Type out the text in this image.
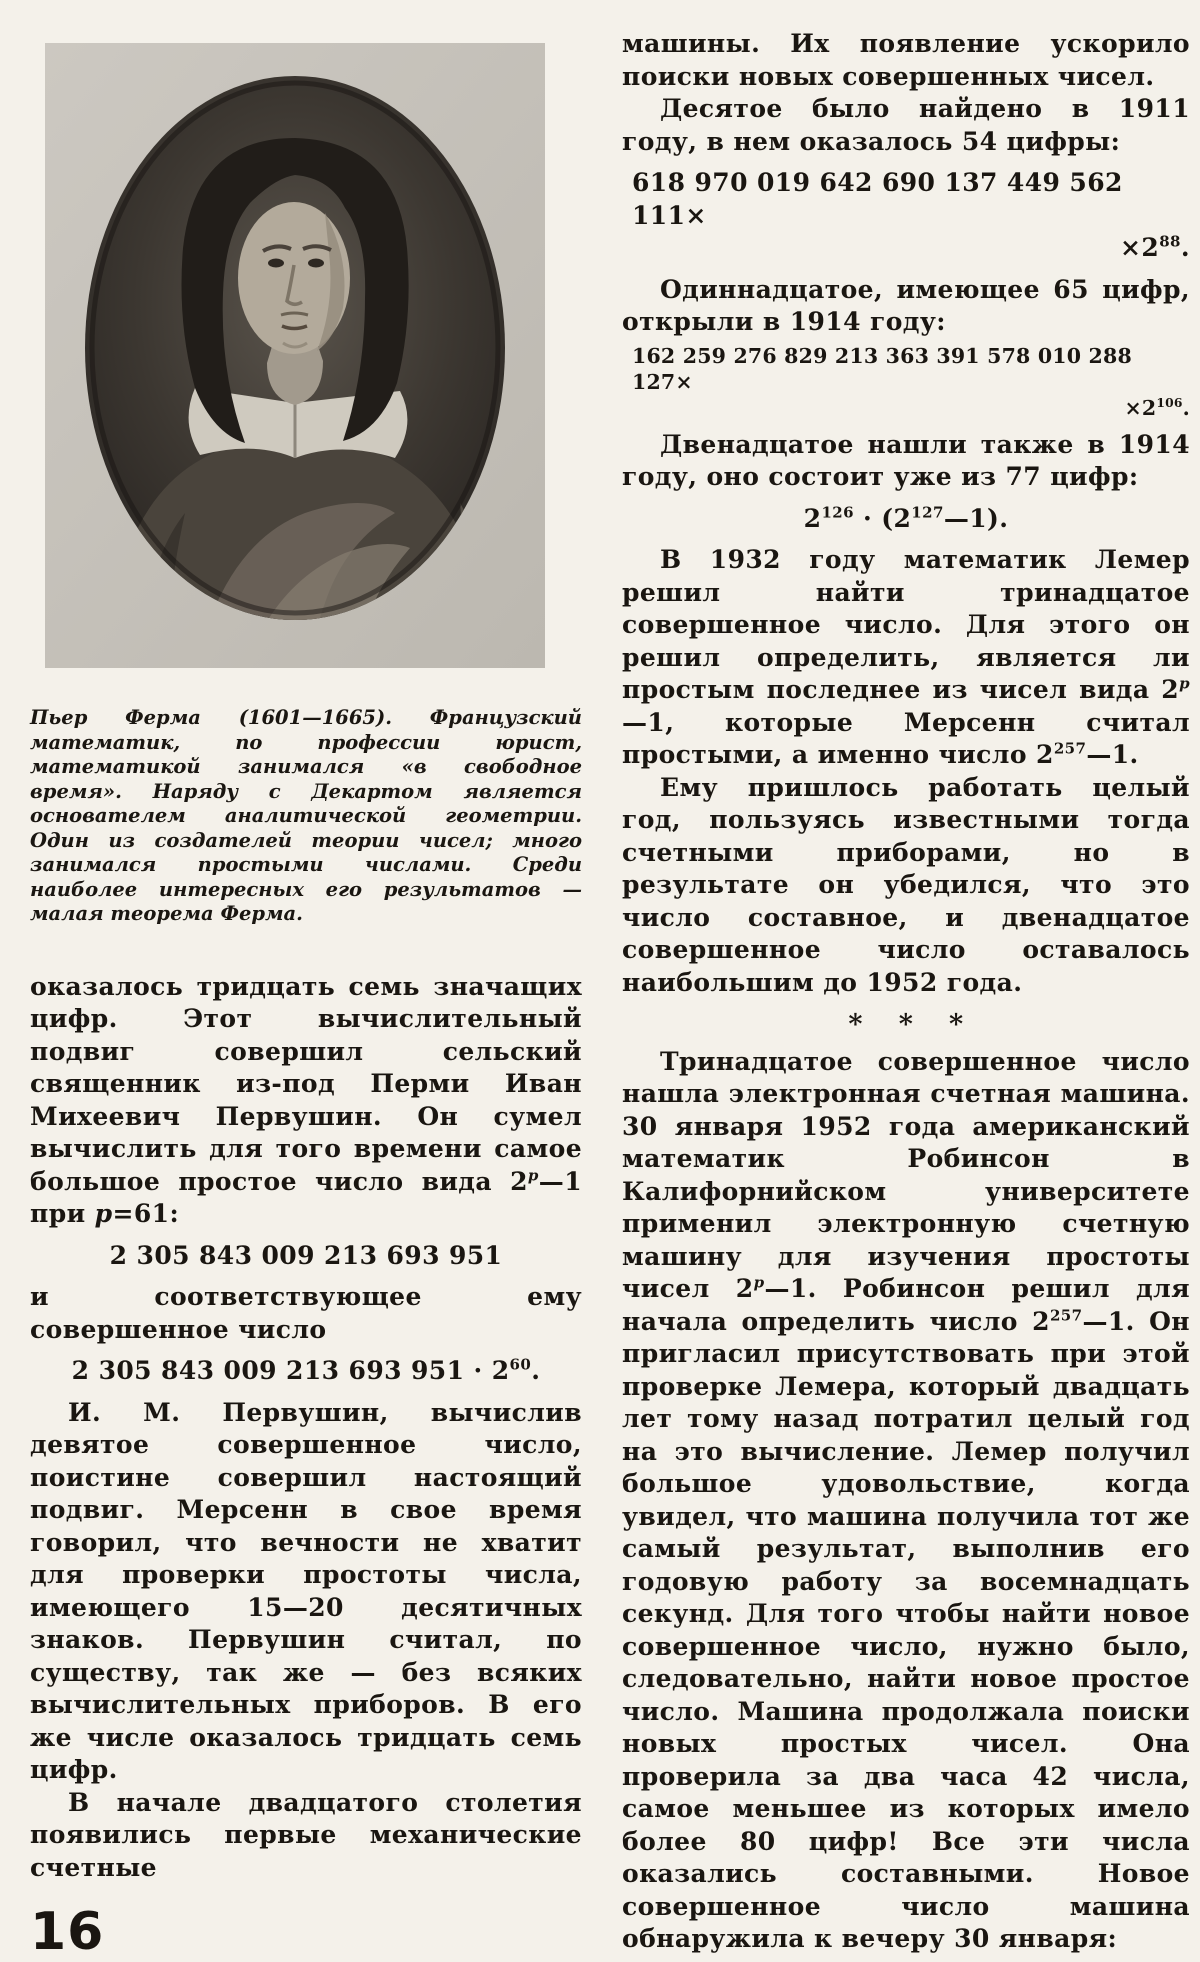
Пьер Ферма (1601—1665). Французский математик, по профессии юрист, математикой занимался «в свободное время». Наряду с Декартом является основателем аналитической геометрии. Один из создателей теории чисел; много занимался простыми числами. Среди наиболее интересных его результатов — малая теорема Ферма.
оказалось тридцать семь значащих цифр. Этот вычислительный подвиг совершил сельский священник из-под Перми Иван Михеевич Первушин. Он сумел вычислить для того времени самое большое простое число вида 2$^p$—1 при p=61:
2 305 843 009 213 693 951
и соответствующее ему совершенное число
2 305 843 009 213 693 $951 \cdot 2^{60}$.
И. М. Первушин, вычислив девятое совершенное число, поистине совершил настоящий подвиг. Мерсенн в свое время говорил, что вечности не хватит для проверки простоты числа, имеющего 15—20 десятичных знаков. Первушин считал, по существу, так же — без всяких вычислительных приборов. В его же числе оказалось тридцать семь цифр.
В начале двадцатого столетия появились первые механические счетные
16
машины. Их появление ускорило поиски новых совершенных чисел.
Десятое было найдено в 1911 году, в нем оказалось 54 цифры:
618 970 019 642 690 137 449 562 111×
$\times 2^{88}$.
Одиннадцатое, имеющее 65 цифр, открыли в 1914 году:
162 259 276 829 213 363 391 578 010 288 127×
$\times 2^{106}$.
Двенадцатое нашли также в 1914 году, оно состоит уже из 77 цифр:
$2^{126}$ · $(2^{127}—1)$.
В 1932 году математик Лемер решил найти тринадцатое совершенное число. Для этого он решил определить, является ли простым последнее из чисел вида 2$^p$—1, которые Мерсенн считал простыми, а именно число $2^{257}—1$.
Ему пришлось работать целый год, пользуясь известными тогда счетными приборами, но в результате он убедился, что это число составное, и двенадцатое совершенное число оставалось наибольшим до 1952 года.
* * *
Тринадцатое совершенное число нашла электронная счетная машина. 30 января 1952 года американский математик Робинсон в Калифорнийском университете применил электронную счетную машину для изучения простоты чисел 2$^p$—1. Робинсон решил для начала определить число $2^{257}—1$. Он пригласил присутствовать при этой проверке Лемера, который двадцать лет тому назад потратил целый год на это вычисление. Лемер получил большое удовольствие, когда увидел, что машина получила тот же самый результат, выполнив его годовую работу за восемнадцать секунд. Для того чтобы найти новое совершенное число, нужно было, следовательно, найти новое простое число. Машина продолжала поиски новых простых чисел. Она проверила за два часа 42 числа, самое меньшее из которых имело более 80 цифр! Все эти числа оказались составными. Новое совершенное число машина обнаружила к вечеру 30 января:
